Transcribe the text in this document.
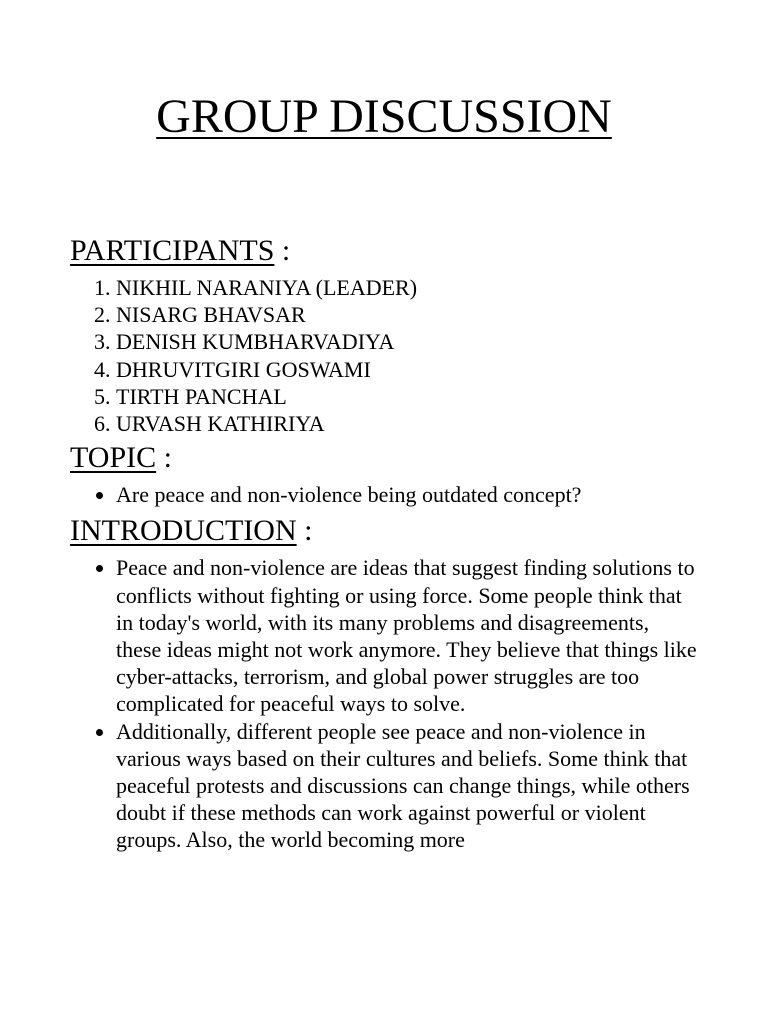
GROUP DISCUSSION
PARTICIPANTS :
1. NIKHIL NARANIYA (LEADER)
2. NISARG BHAVSAR
3. DENISH KUMBHARVADIYA
4. DHRUVITGIRI GOSWAMI
5. TIRTH PANCHAL
6. URVASH KATHIRIYA
TOPIC :
• Are peace and non-violence being outdated concept?
INTRODUCTION :
• Peace and non-violence are ideas that suggest finding solutions to conflicts without fighting or using force. Some people think that in today's world, with its many problems and disagreements, these ideas might not work anymore. They believe that things like cyber-attacks, terrorism, and global power struggles are too complicated for peaceful ways to solve.
• Additionally, different people see peace and non-violence in various ways based on their cultures and beliefs. Some think that peaceful protests and discussions can change things, while others doubt if these methods can work against powerful or violent groups. Also, the world becoming more
